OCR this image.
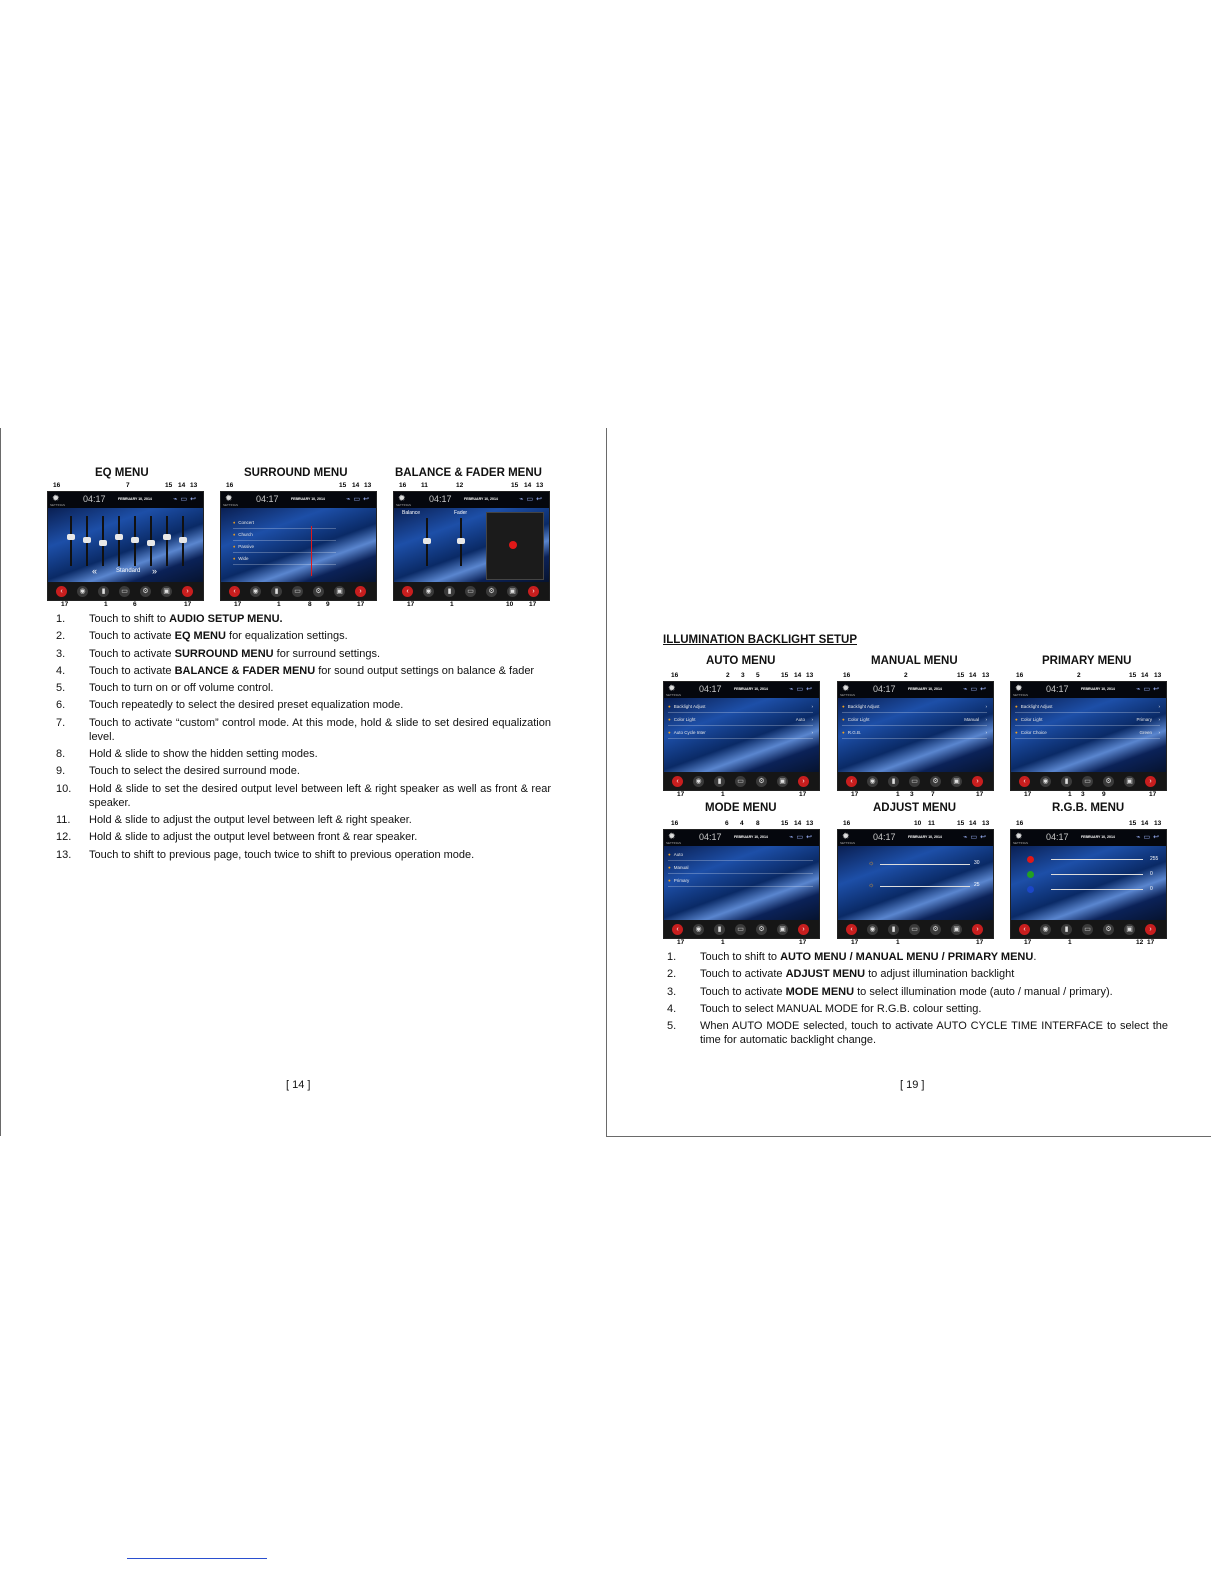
EQ MENU	SURROUND MENU	BALANCE & FADER MENU
✹
SETTINGS
04:17	FEBRUARY 10, 2014	⌁▭↩
Standard
«	»
‹	◉	▮	▭	⚙	▣	›
16	7	15 14 13
17	1	6	17
✹
SETTINGS
04:17	FEBRUARY 10, 2014	⌁▭↩
♦ Concert
♦ Church
♦ Passive
♦ Wide
‹	◉	▮	▭	⚙	▣	›
16	15 14 13
17	1	8 9	17
✹
SETTINGS
04:17	FEBRUARY 10, 2014	⌁▭↩
Balance	Fader
‹	◉	▮	▭	⚙	▣	›
16 11	12	15 14 13
17	1	10 17
✹
SETTINGS
04:17	FEBRUARY 10, 2014	⌁▭↩
● Backlight Adjust	›
● Color Light	Auto ›
● Auto Cycle Inter	›
‹	◉	▮	▭	⚙	▣	›
16	2 3 5	15 14 13
17	1	17
✹
SETTINGS
04:17	FEBRUARY 10, 2014	⌁▭↩
● Backlight Adjust	›
● Color Light	Manual ›
● R.G.B.	›
‹	◉	▮	▭	⚙	▣	›
16	2	15 14 13
17	1 3	7	17
✹
SETTINGS
04:17	FEBRUARY 10, 2014	⌁▭↩
● Backlight Adjust	›
● Color Light	Primary ›
● Color Choice	Green ›
‹	◉	▮	▭	⚙	▣	›
16	2	15 14 13
17	1 3	9	17
✹
SETTINGS
04:17	FEBRUARY 10, 2014	⌁▭↩
● Auto
● Manual
● Primary
‹	◉	▮	▭	⚙	▣	›
16	6 4 8	15 14 13
17	1	17
✹
SETTINGS
04:17	FEBRUARY 10, 2014	⌁▭↩
☼	30
☼	25
‹	◉	▮	▭	⚙	▣	›
16	10 11	15 14 13
17	1	17
✹
SETTINGS
04:17	FEBRUARY 10, 2014	⌁▭↩
255
0
0
‹	◉	▮	▭	⚙	▣	›
16	15 14 13
17	1	12 17
1.	Touch to shift to AUDIO SETUP MENU.
2.	Touch to activate EQ MENU for equalization settings.
3.	Touch to activate SURROUND MENU for surround settings.
4.	Touch to activate BALANCE & FADER MENU for sound output settings on balance & fader
5.	Touch to turn on or off volume control.
6.	Touch repeatedly to select the desired preset equalization mode.
7.	Touch to activate “custom” control mode. At this mode, hold & slide to set desired equalization level.
8.	Hold & slide to show the hidden setting modes.
9.	Touch to select the desired surround mode.
10.	Hold & slide to set the desired output level between left & right speaker as well as front & rear speaker.
11.	Hold & slide to adjust the output level between left & right speaker.
12.	Hold & slide to adjust the output level between front & rear speaker.
13.	Touch to shift to previous page, touch twice to shift to previous operation mode.
[ 14 ]
ILLUMINATION BACKLIGHT SETUP
AUTO MENU	MANUAL MENU	PRIMARY MENU
MODE MENU	ADJUST MENU	R.G.B. MENU
1.	Touch to shift to AUTO MENU / MANUAL MENU / PRIMARY MENU.
2.	Touch to activate ADJUST MENU to adjust illumination backlight
3.	Touch to activate MODE MENU to select illumination mode (auto / manual / primary).
4.	Touch to select MANUAL MODE for R.G.B. colour setting.
5.	When AUTO MODE selected, touch to activate AUTO CYCLE TIME INTERFACE to select the time for automatic backlight change.
[ 19 ]
